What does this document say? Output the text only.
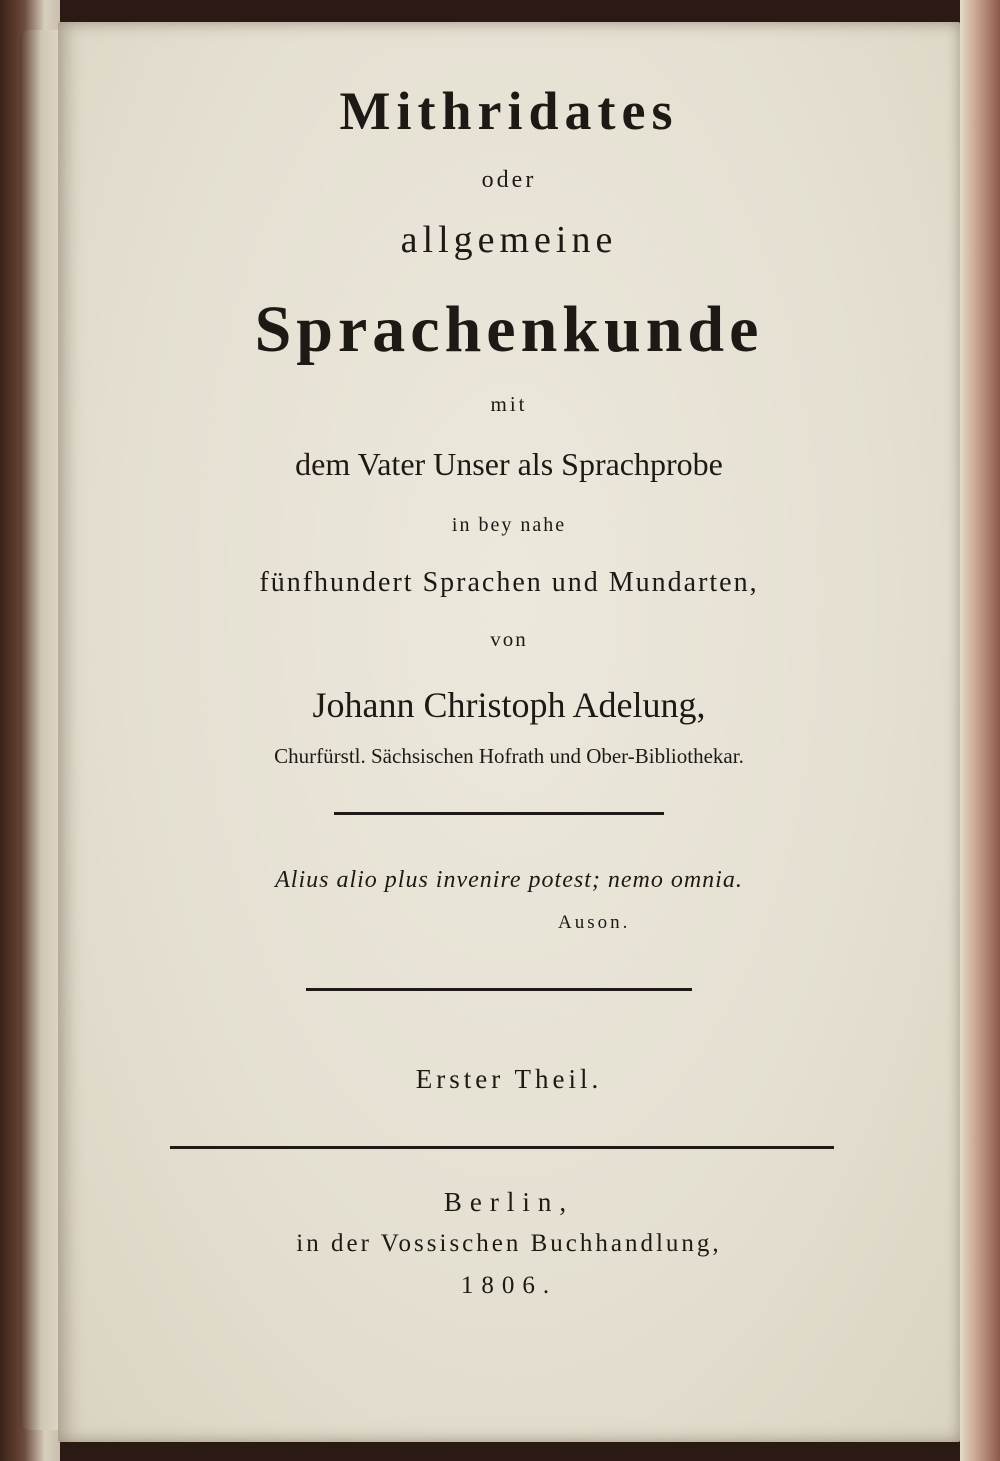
Mithridates
oder
allgemeine
Sprachenkunde
mit
dem Vater Unser als Sprachprobe
in bey nahe
fünfhundert Sprachen und Mundarten,
von
Johann Christoph Adelung,
Churfürstl. Sächsischen Hofrath und Ober-Bibliothekar.
Alius alio plus invenire potest; nemo omnia.
Auson.
Erster Theil.
Berlin,
in der Vossischen Buchhandlung,
1806.
